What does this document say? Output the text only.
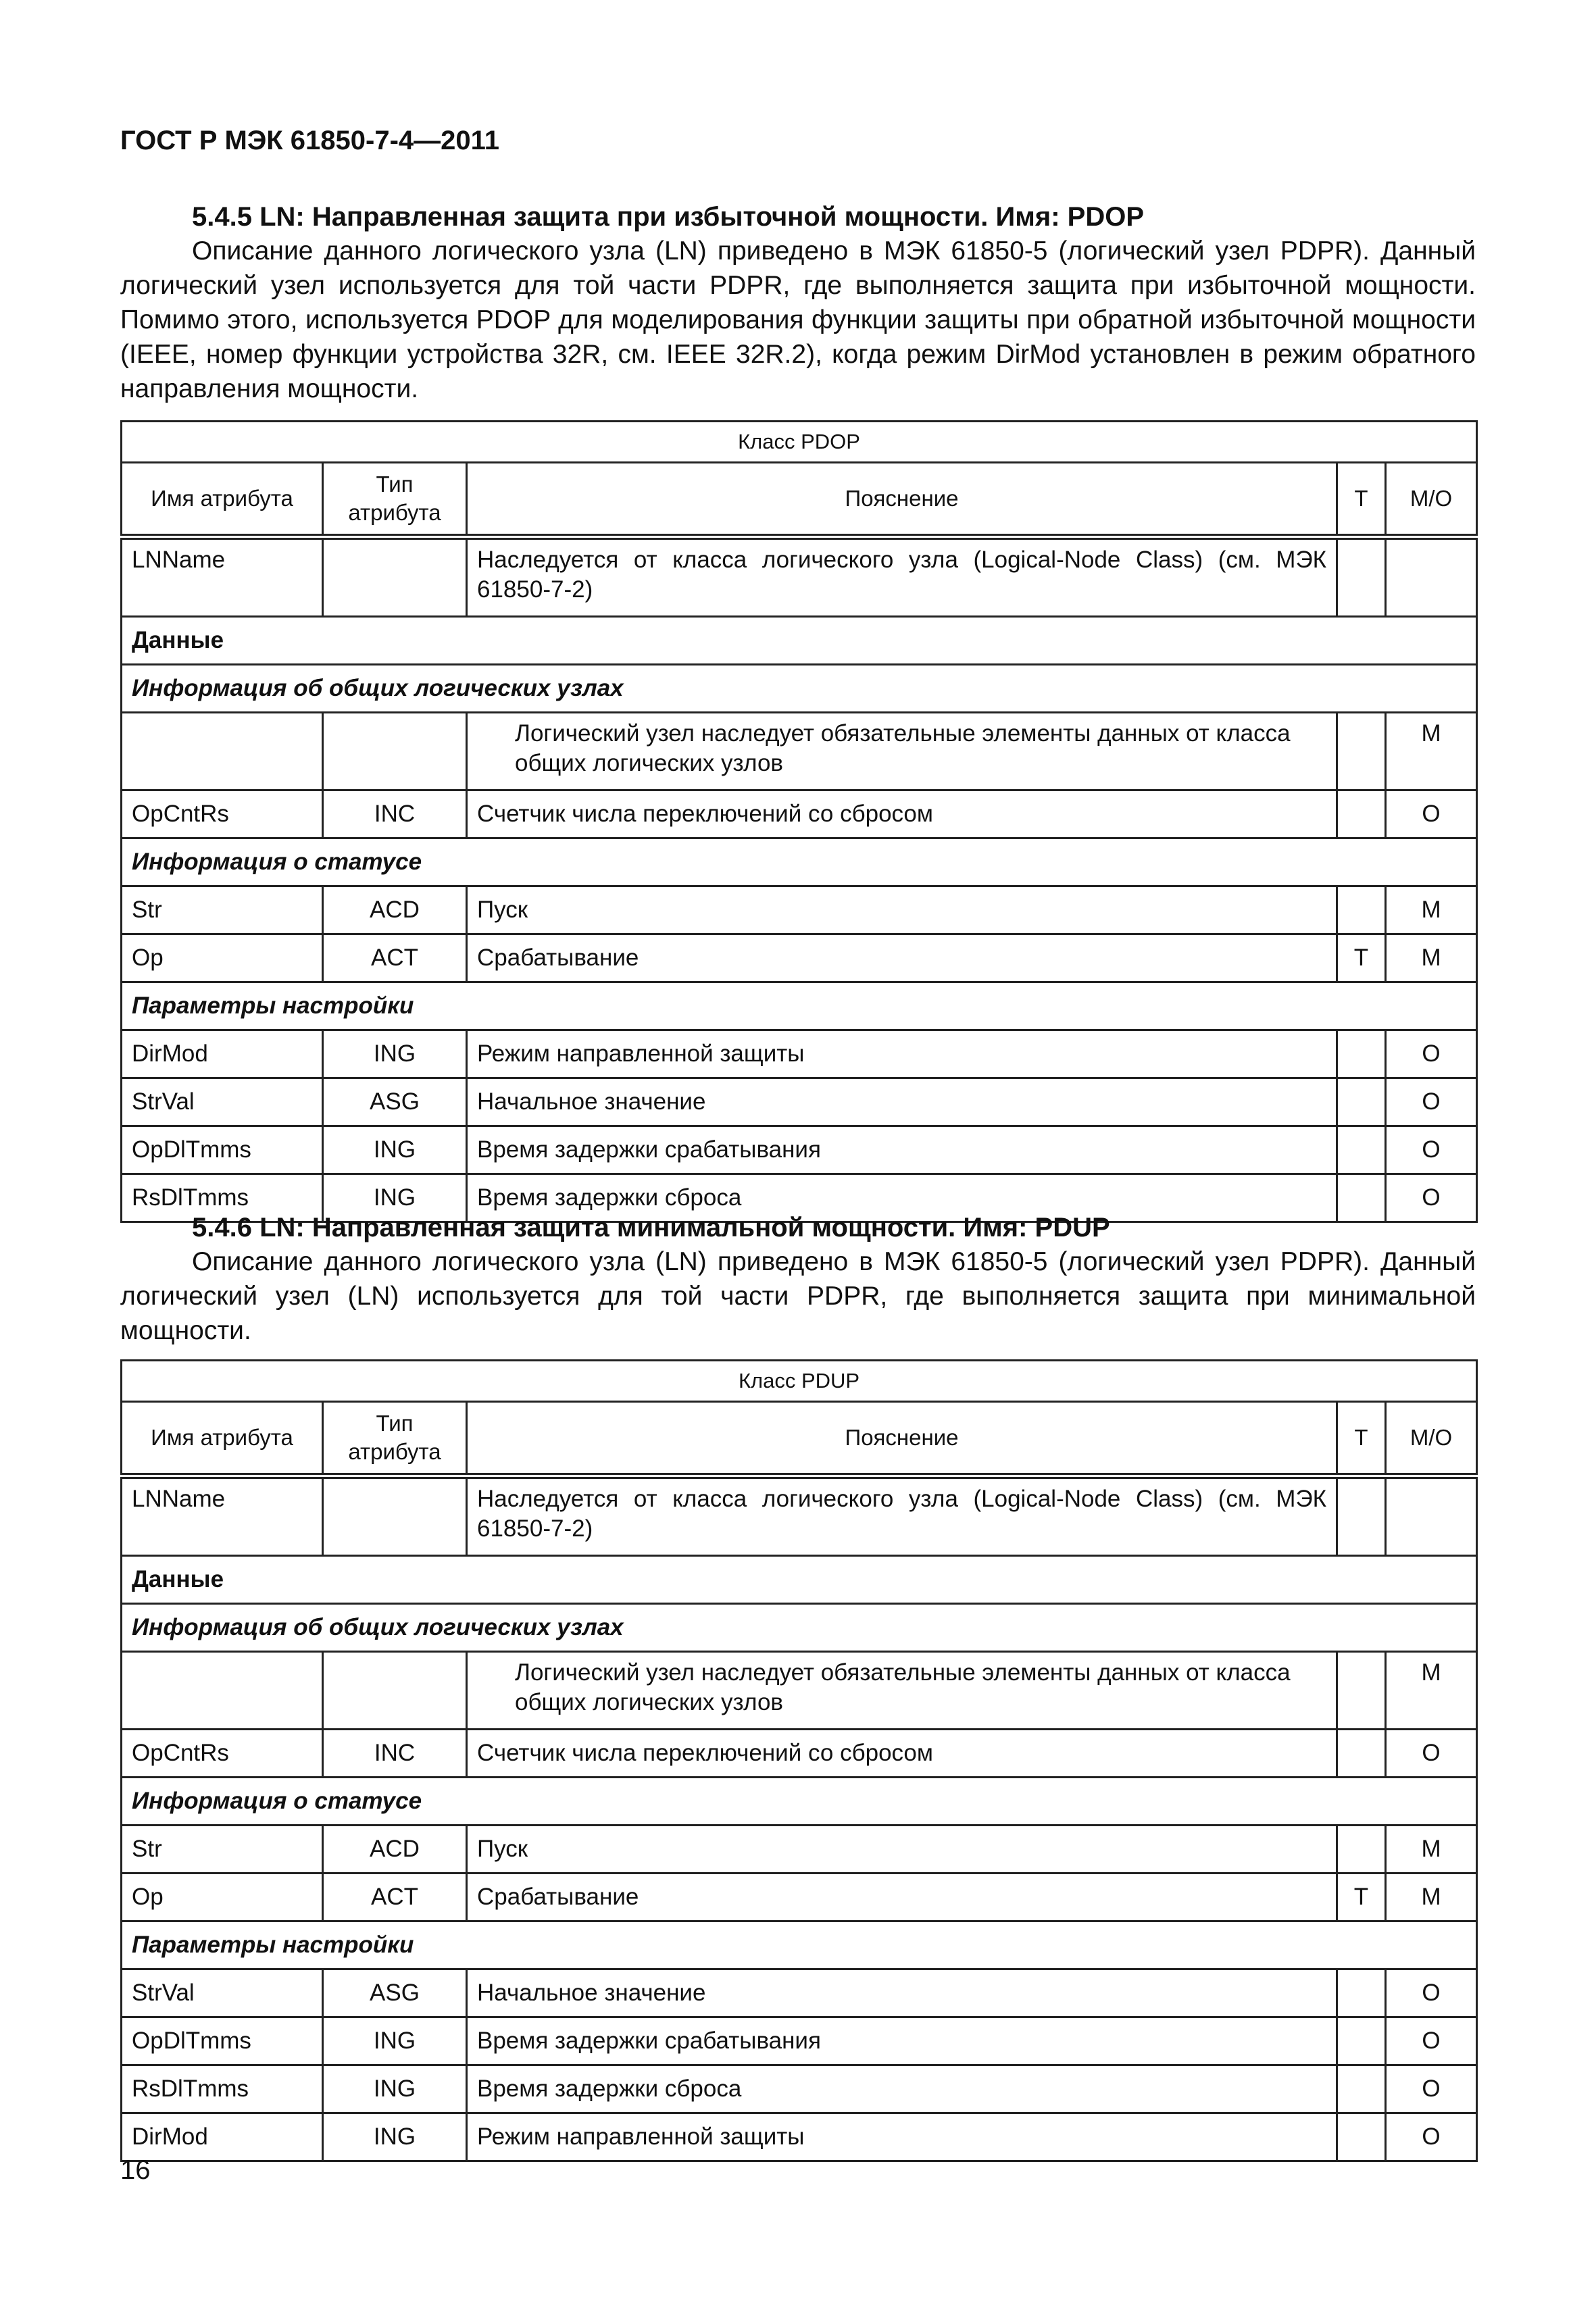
ГОСТ Р МЭК 61850-7-4—2011
5.4.5 LN: Направленная защита при избыточной мощности. Имя: PDOP

Описание данного логического узла (LN) приведено в МЭК 61850-5 (логический узел PDPR). Данный логический узел используется для той части PDPR, где выполняется защита при избыточной мощности. Помимо этого, используется PDOP для моделирования функции защиты при обратной избыточной мощности (IEEE, номер функции устройства 32R, см. IEEE 32R.2), когда режим DirMod установлен в режим обратного направления мощности.

Класс PDOP				
Имя атрибута	Тип атрибута	Пояснение	Т	М/О
LNName		Наследуется от класса логического узла (Logical-Node Class) (см. МЭК 61850-7-2)		
Данные				
Информация об общих логических узлах				
		Логический узел наследует обязательные элементы данных от класса общих логических узлов		M
OpCntRs	INC	Счетчик числа переключений со сбросом		O
Информация о статусе				
Str	ACD	Пуск		M
Op	ACT	Срабатывание	T	M
Параметры настройки				
DirMod	ING	Режим направленной защиты		O
StrVal	ASG	Начальное значение		O
OpDlTmms	ING	Время задержки срабатывания		O
RsDlTmms	ING	Время задержки сброса		O
5.4.6 LN: Направленная защита минимальной мощности. Имя: PDUP

Описание данного логического узла (LN) приведено в МЭК 61850-5 (логический узел PDPR). Данный логический узел (LN) используется для той части PDPR, где выполняется защита при минимальной мощности.

Класс PDUP				
Имя атрибута	Тип атрибута	Пояснение	Т	М/О
LNName		Наследуется от класса логического узла (Logical-Node Class) (см. МЭК 61850-7-2)		
Данные				
Информация об общих логических узлах				
		Логический узел наследует обязательные элементы данных от класса общих логических узлов		M
OpCntRs	INC	Счетчик числа переключений со сбросом		O
Информация о статусе				
Str	ACD	Пуск		M
Op	ACT	Срабатывание	T	M
Параметры настройки				
StrVal	ASG	Начальное значение		O
OpDlTmms	ING	Время задержки срабатывания		O
RsDlTmms	ING	Время задержки сброса		O
DirMod	ING	Режим направленной защиты		O
16
